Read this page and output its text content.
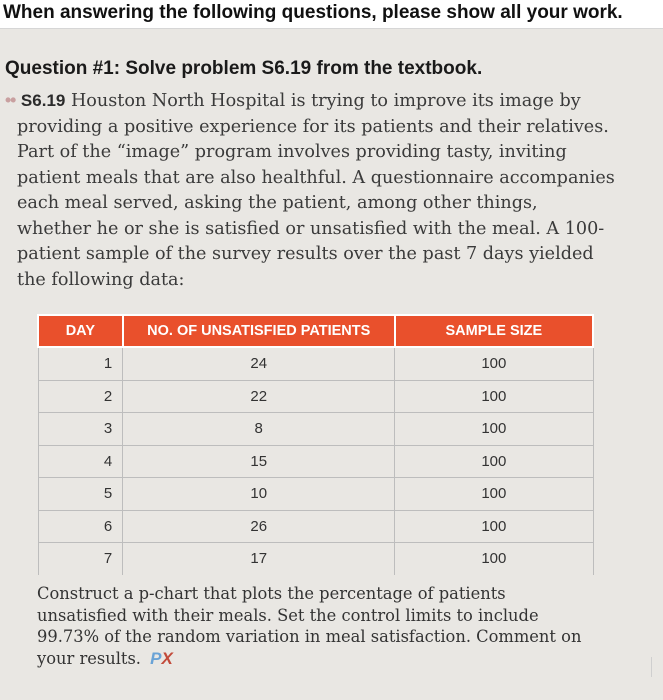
When answering the following questions, please show all your work.
Question #1: Solve problem S6.19 from the textbook.
•• S6.19 Houston North Hospital is trying to improve its image by providing a positive experience for its patients and their relatives. Part of the “image” program involves providing tasty, inviting patient meals that are also healthful. A questionnaire accompanies each meal served, asking the patient, among other things, whether he or she is satisfied or unsatisfied with the meal. A 100-patient sample of the survey results over the past 7 days yielded the following data:
DAY	NO. OF UNSATISFIED PATIENTS	SAMPLE SIZE
1	24	100
2	22	100
3	8	100
4	15	100
5	10	100
6	26	100
7	17	100
Construct a p-chart that plots the percentage of patients unsatisfied with their meals. Set the control limits to include 99.73% of the random variation in meal satisfaction. Comment on your results. PX
